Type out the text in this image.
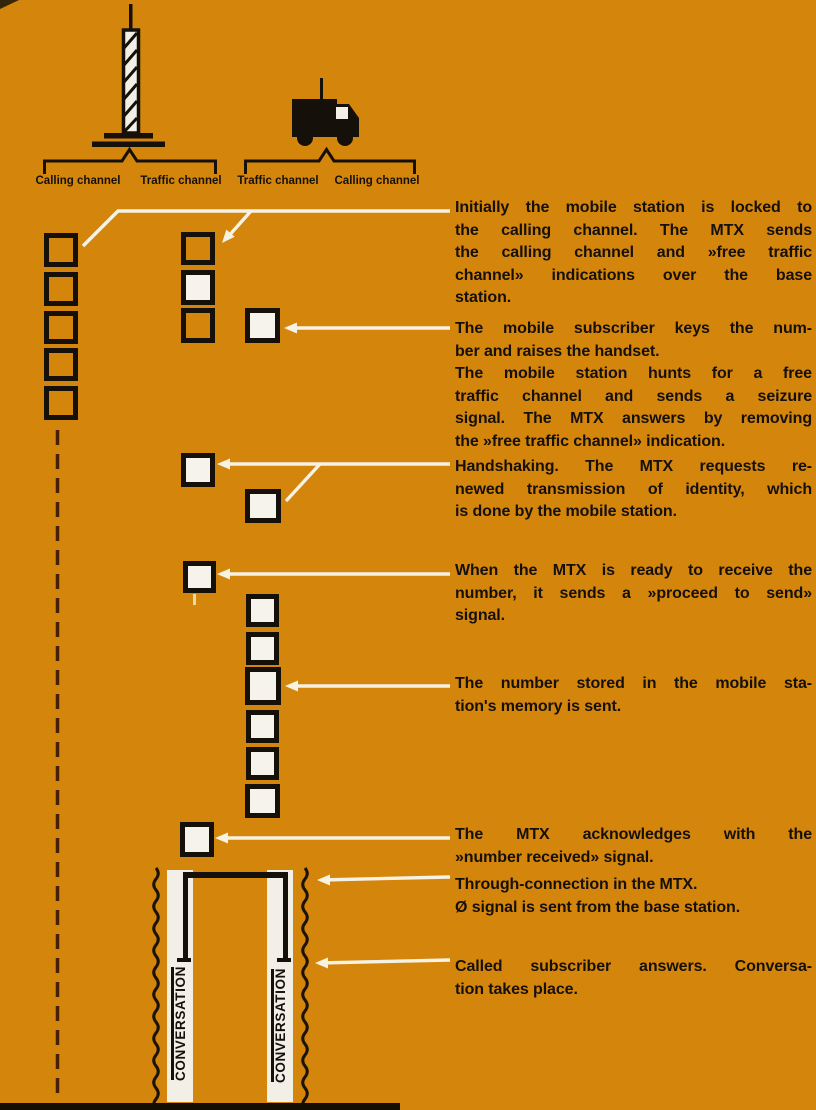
Initially the mobile station is locked to
the calling channel. The MTX sends
the calling channel and »free traffic
channel» indications over the base
station.
The mobile subscriber keys the num-
ber and raises the handset.
The mobile station hunts for a free
traffic channel and sends a seizure
signal. The MTX answers by removing
the »free traffic channel» indication.
Handshaking. The MTX requests re-
newed transmission of identity, which
is done by the mobile station.
When the MTX is ready to receive the
number, it sends a »proceed to send»
signal.
The number stored in the mobile sta-
tion's memory is sent.
The MTX acknowledges with the
»number received» signal.
Through-connection in the MTX.
Ø signal is sent from the base station.
Called subscriber answers. Conversa-
tion takes place.
Calling channel Traffic channel Traffic channel Calling channel
CONVERSATION	CONVERSATION
